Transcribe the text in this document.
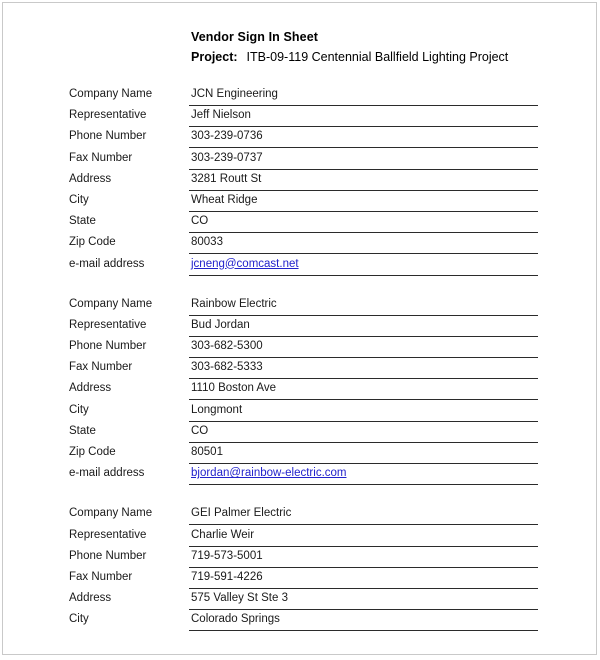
Vendor Sign In Sheet
Project: ITB-09-119 Centennial Ballfield Lighting Project
Company Name	JCN Engineering
Representative	Jeff Nielson
Phone Number	303-239-0736
Fax Number	303-239-0737
Address	3281 Routt St
City	Wheat Ridge
State	CO
Zip Code	80033
e-mail address	jcneng@comcast.net
Company Name	Rainbow Electric
Representative	Bud Jordan
Phone Number	303-682-5300
Fax Number	303-682-5333
Address	1110 Boston Ave
City	Longmont
State	CO
Zip Code	80501
e-mail address	bjordan@rainbow-electric.com
Company Name	GEI Palmer Electric
Representative	Charlie Weir
Phone Number	719-573-5001
Fax Number	719-591-4226
Address	575 Valley St Ste 3
City	Colorado Springs
